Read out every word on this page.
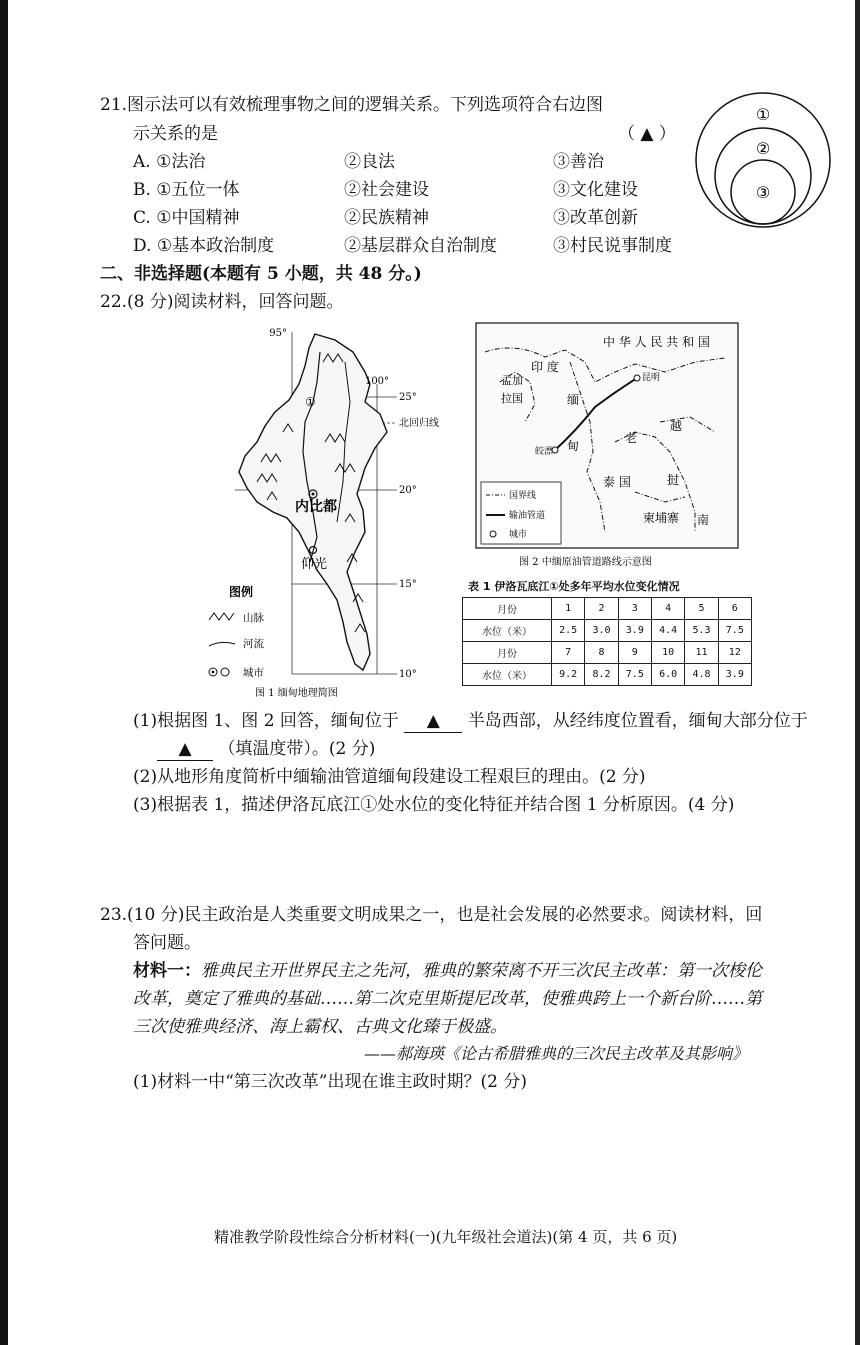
21.图示法可以有效梳理事物之间的逻辑关系。下列选项符合右边图
示关系的是	（ ▲ ）
A. ①法治	②良法	③善治
B. ①五位一体	②社会建设	③文化建设
C. ①中国精神	②民族精神	③改革创新
D. ①基本政治制度	②基层群众自治制度	③村民说事制度
①
②
③
二、非选择题(本题有 5 小题，共 48 分。)
22.(8 分)阅读材料，回答问题。
95°
100°
25°
北回归线
20°
15°
10°
①
内比都
仰光
图例
山脉
河流
城市
图 1 缅甸地理简图
中 华 人 民 共 和 国
印 度
孟加
拉国	缅
甸
老
越
挝
南
泰 国
柬埔寨
昆明
皎漂
国界线
输油管道
城市
图 2 中缅原油管道路线示意图
表 1 伊洛瓦底江①处多年平均水位变化情况
月份	1	2	3	4	5	6
水位（米）	2.5	3.0	3.9	4.4	5.3	7.5
月份	7	8	9	10	11	12
水位（米）	9.2	8.2	7.5	6.0	4.8	3.9
(1)根据图 1、图 2 回答，缅甸位于 ▲ 半岛西部，从经纬度位置看，缅甸大部分位于
▲ （填温度带）。(2 分)
(2)从地形角度简析中缅输油管道缅甸段建设工程艰巨的理由。(2 分)
(3)根据表 1，描述伊洛瓦底江①处水位的变化特征并结合图 1 分析原因。(4 分)
23.(10 分)民主政治是人类重要文明成果之一，也是社会发展的必然要求。阅读材料，回
答问题。
材料一：雅典民主开世界民主之先河，雅典的繁荣离不开三次民主改革：第一次梭伦
改革，奠定了雅典的基础……第二次克里斯提尼改革，使雅典跨上一个新台阶……第
三次使雅典经济、海上霸权、古典文化臻于极盛。
——郝海瑛《论古希腊雅典的三次民主改革及其影响》
(1)材料一中“第三次改革”出现在谁主政时期？(2 分)
精准教学阶段性综合分析材料(一)(九年级社会道法)(第 4 页，共 6 页)
